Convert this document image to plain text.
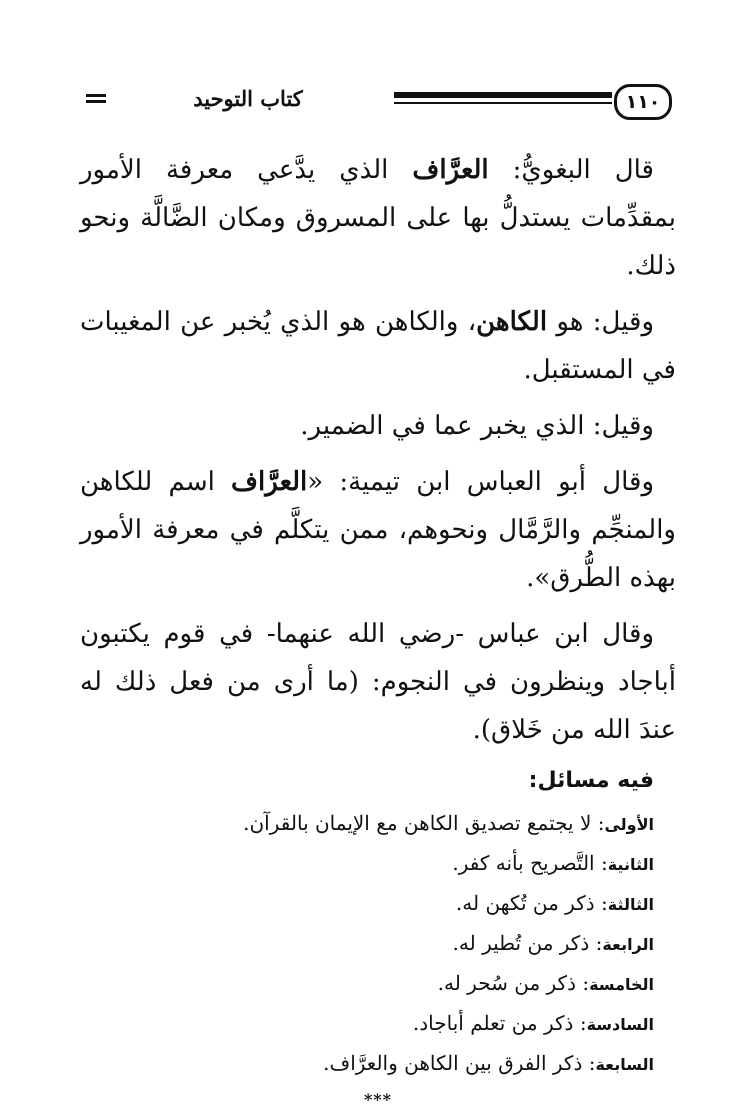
١١٠
كتاب التوحيد

قال البغويُّ: العرَّاف الذي يدَّعي معرفة الأمور بمقدِّمات يستدلُّ بها على المسروق ومكان الضَّالَّة ونحو ذلك.

وقيل: هو الكاهن، والكاهن هو الذي يُخبر عن المغيبات في المستقبل.

وقيل: الذي يخبر عما في الضمير.

وقال أبو العباس ابن تيمية: «العرَّاف اسم للكاهن والمنجِّم والرَّمَّال ونحوهم، ممن يتكلَّم في معرفة الأمور بهذه الطُّرق».

وقال ابن عباس -رضي الله عنهما- في قوم يكتبون أباجاد وينظرون في النجوم: (ما أرى من فعل ذلك له عندَ الله من خَلاق).

فيه مسائل:

الأولى: لا يجتمع تصديق الكاهن مع الإيمان بالقرآن.

الثانية: التَّصريح بأنه كفر.

الثالثة: ذكر من تُكهن له.

الرابعة: ذكر من تُطير له.

الخامسة: ذكر من سُحر له.

السادسة: ذكر من تعلم أباجاد.

السابعة: ذكر الفرق بين الكاهن والعرَّاف.

***
